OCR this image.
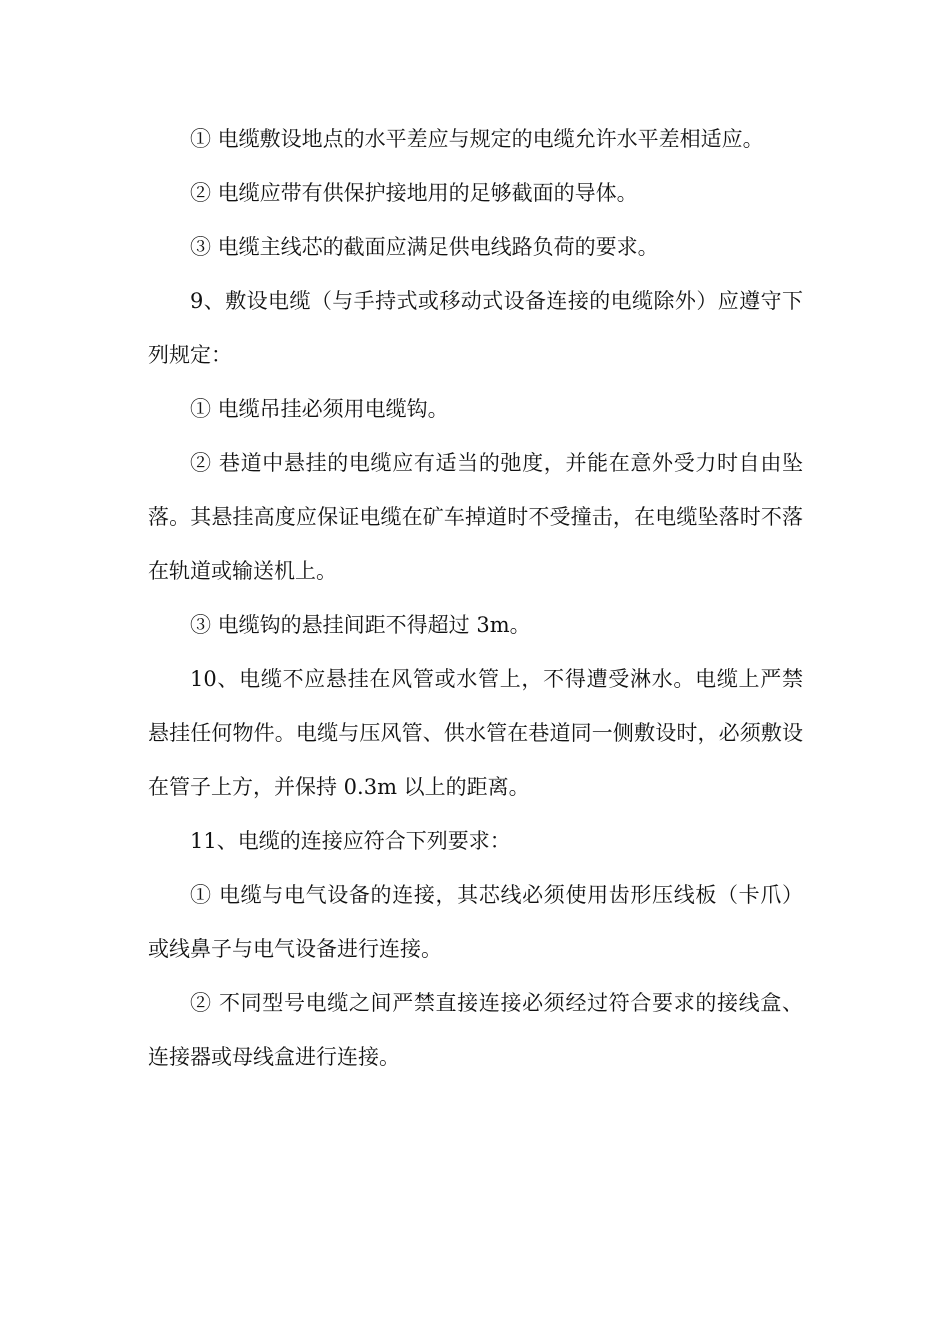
① 电缆敷设地点的水平差应与规定的电缆允许水平差相适应。

② 电缆应带有供保护接地用的足够截面的导体。

③ 电缆主线芯的截面应满足供电线路负荷的要求。

9、敷设电缆（与手持式或移动式设备连接的电缆除外）应遵守下列规定：

① 电缆吊挂必须用电缆钩。

② 巷道中悬挂的电缆应有适当的弛度，并能在意外受力时自由坠落。其悬挂高度应保证电缆在矿车掉道时不受撞击，在电缆坠落时不落在轨道或输送机上。

③ 电缆钩的悬挂间距不得超过 3m。

10、电缆不应悬挂在风管或水管上，不得遭受淋水。电缆上严禁悬挂任何物件。电缆与压风管、供水管在巷道同一侧敷设时，必须敷设在管子上方，并保持 0.3m 以上的距离。

11、电缆的连接应符合下列要求：

① 电缆与电气设备的连接，其芯线必须使用齿形压线板（卡爪）或线鼻子与电气设备进行连接。

② 不同型号电缆之间严禁直接连接必须经过符合要求的接线盒、连接器或母线盒进行连接。
